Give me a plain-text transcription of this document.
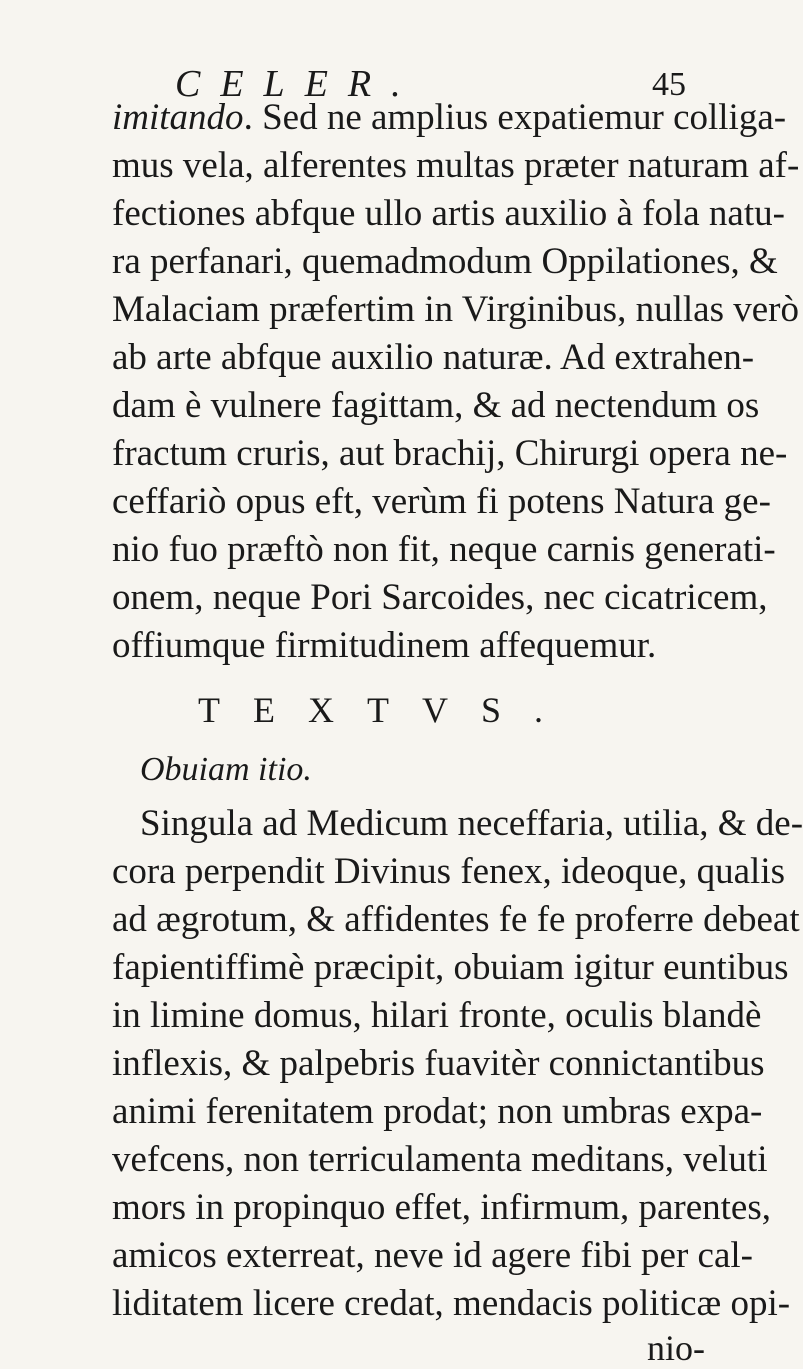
CELER.	45
imitando. Sed ne amplius expatiemur colliga-
mus vela, alferentes multas præter naturam af-
fectiones abfque ullo artis auxilio à fola natu-
ra perfanari, quemadmodum Oppilationes, &
Malaciam præfertim in Virginibus, nullas verò
ab arte abfque auxilio naturæ. Ad extrahen-
dam è vulnere fagittam, & ad nectendum os
fractum cruris, aut brachij, Chirurgi opera ne-
ceffariò opus eft, verùm fi potens Natura ge-
nio fuo præftò non fit, neque carnis generati-
onem, neque Pori Sarcoides, nec cicatricem,
offiumque firmitudinem affequemur.
TEXTVS.
Obuiam itio.
Singula ad Medicum neceffaria, utilia, & de-
cora perpendit Divinus fenex, ideoque, qualis
ad ægrotum, & affidentes fe fe proferre debeat
fapientiffimè præcipit, obuiam igitur euntibus
in limine domus, hilari fronte, oculis blandè
inflexis, & palpebris fuavitèr connictantibus
animi ferenitatem prodat; non umbras expa-
vefcens, non terriculamenta meditans, veluti
mors in propinquo effet, infirmum, parentes,
amicos exterreat, neve id agere fibi per cal-
liditatem licere credat, mendacis politicæ opi-
nio-
